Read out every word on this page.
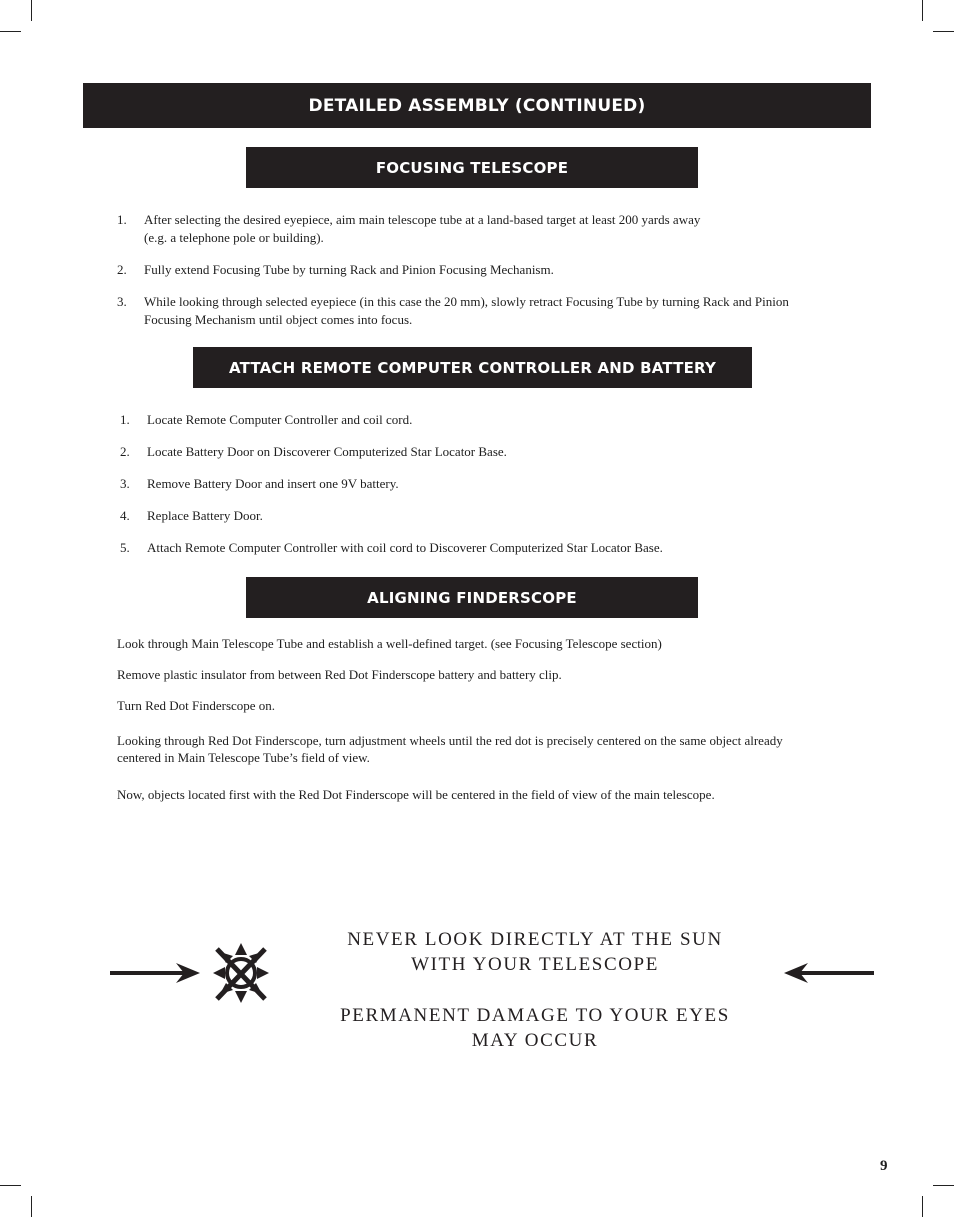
DETAILED ASSEMBLY (CONTINUED)
FOCUSING TELESCOPE
1. After selecting the desired eyepiece, aim main telescope tube at a land-based target at least 200 yards away
(e.g. a telephone pole or building).
2. Fully extend Focusing Tube by turning Rack and Pinion Focusing Mechanism.
3. While looking through selected eyepiece (in this case the 20 mm), slowly retract Focusing Tube by turning Rack and Pinion
Focusing Mechanism until object comes into focus.
ATTACH REMOTE COMPUTER CONTROLLER AND BATTERY
1. Locate Remote Computer Controller and coil cord.
2. Locate Battery Door on Discoverer Computerized Star Locator Base.
3. Remove Battery Door and insert one 9V battery.
4. Replace Battery Door.
5. Attach Remote Computer Controller with coil cord to Discoverer Computerized Star Locator Base.
ALIGNING FINDERSCOPE

Look through Main Telescope Tube and establish a well-defined target. (see Focusing Telescope section)

Remove plastic insulator from between Red Dot Finderscope battery and battery clip.

Turn Red Dot Finderscope on.

Looking through Red Dot Finderscope, turn adjustment wheels until the red dot is precisely centered on the same object already
centered in Main Telescope Tube’s field of view.

Now, objects located first with the Red Dot Finderscope will be centered in the field of view of the main telescope.

NEVER LOOK DIRECTLY AT THE SUN
WITH YOUR TELESCOPE
PERMANENT DAMAGE TO YOUR EYES
MAY OCCUR
9
